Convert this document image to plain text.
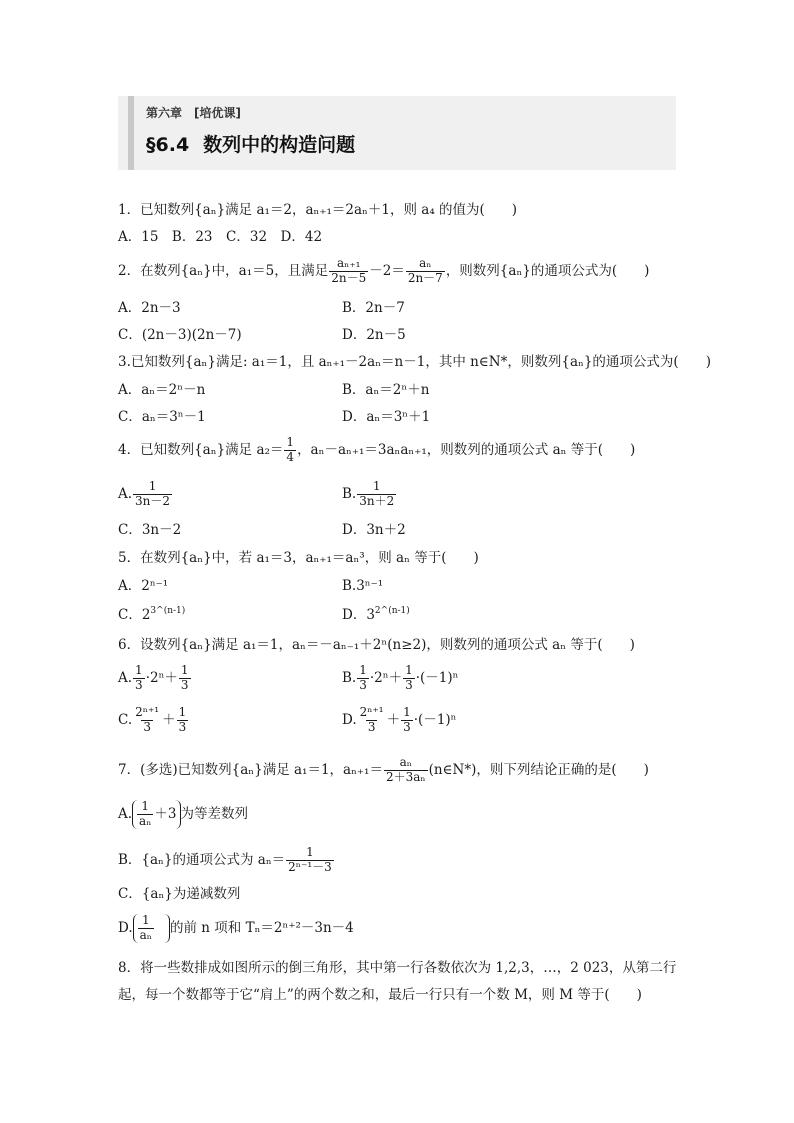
第六章 [培优课]
§6.4 数列中的构造问题
1．已知数列{aₙ}满足 a₁＝2，aₙ₊₁＝2aₙ＋1，则 a₄ 的值为(　　)
A．15　B．23　C．32　D．42
2．在数列{aₙ}中，a₁＝5，且满足 $\frac{\text{aₙ₊₁}}{2n-5} -2= \frac{\text{aₙ}}{2n-7}$ ，则数列{aₙ}的通项公式为(　　)
A．2n－3	B．2n－7
C．(2n－3)(2n－7)	D．2n－5
3.已知数列{aₙ}满足: a₁＝1，且 aₙ₊₁－2aₙ＝n－1，其中 n∈N*，则数列{aₙ}的通项公式为(　　)
A．aₙ＝2ⁿ－n	B．aₙ＝2ⁿ＋n
C．aₙ＝3ⁿ－1	D．aₙ＝3ⁿ＋1
4．已知数列{aₙ}满足 $a_2= \frac{1}{4}$ ，aₙ－aₙ₊₁＝3aₙaₙ₊₁，则数列的通项公式 aₙ 等于(　　)
A. $\frac{1}{3n-2}$	B. $\frac{1}{3n+2}$
C．3n－2	D．3n＋2
5．在数列{aₙ}中，若 a₁＝3，aₙ₊₁＝aₙ³，则 aₙ 等于(　　)
A．2ⁿ⁻¹	B.3ⁿ⁻¹
C．$2^{3\^{}(n-1)}$	D．$3^{2\^{}(n-1)}$
6．设数列{aₙ}满足 a₁＝1，aₙ＝－aₙ₋₁＋2ⁿ(n≥2)，则数列的通项公式 aₙ 等于(　　)
A. $\frac{1}{3} \cdot 2^n+ \frac{1}{3}$	B. $\frac{1}{3} \cdot 2^n+ \frac{1}{3} \cdot(-1)^n$
C. $\frac{\text{2ⁿ⁺¹}}{3} + \frac{1}{3}$	D. $\frac{\text{2ⁿ⁺¹}}{3} + \frac{1}{3} \cdot(-1)^n$
7．(多选)已知数列{aₙ}满足 a₁＝1，$a_{n+1}= \frac{\text{aₙ}}{\text{2＋3aₙ}}$ (n∈N*)，则下列结论正确的是(　　)
A. $\frac{1}{\text{aₙ}} +3$ 为等差数列
B．{aₙ}的通项公式为 $a_n= \frac{1}{\text{2ⁿ⁻¹－3}}$
C．{aₙ}为递减数列
D. $\frac{1}{\text{aₙ}}$ 的前 n 项和 Tₙ＝2ⁿ⁺²－3n－4
8．将一些数排成如图所示的倒三角形，其中第一行各数依次为 1,2,3，…，2 023，从第二行
起，每一个数都等于它“肩上”的两个数之和，最后一行只有一个数 M，则 M 等于(　　)
